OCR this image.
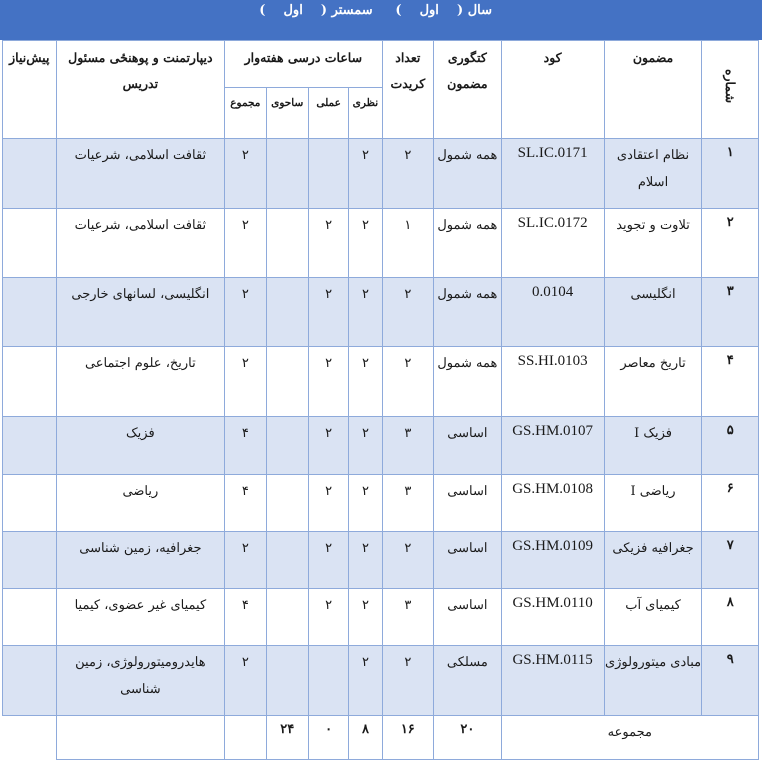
سال (    اول    )     سمستر (    اول    )
شماره	مضمون	کود	کتگوری مضمون	تعداد کریدت	ساعات درسی هفته‌وار				دیپارتمنت و پوهنځی مسئول تدریس	پیش‌نیاز
					نظری	عملی	ساحوی	مجموع		
۱	نظام اعتقادی اسلام	SL.IC.0171	همه شمول	۲	۲			۲	ثقافت اسلامی، شرعیات	
۲	تلاوت و تجوید	SL.IC.0172	همه شمول	۱	۲	۲		۲	ثقافت اسلامی، شرعیات	
۳	انگلیسی	0.0104	همه شمول	۲	۲	۲		۲	انگلیسی، لسانهای خارجی	
۴	تاریخ معاصر	SS.HI.0103	همه شمول	۲	۲	۲		۲	تاریخ، علوم اجتماعی	
۵	فزیک I	GS.HM.0107	اساسی	۳	۲	۲		۴	فزیک	
۶	ریاضی I	GS.HM.0108	اساسی	۳	۲	۲		۴	ریاضی	
۷	جغرافیه فزیکی	GS.HM.0109	اساسی	۲	۲	۲		۲	جغرافیه، زمین شناسی	
۸	کیمیای آب	GS.HM.0110	اساسی	۳	۲	۲		۴	کیمیای غیر عضوی، کیمیا	
۹	مبادی میتورولوژی	GS.HM.0115	مسلکی	۲	۲			۲	هایدرومیتورولوژی، زمین شناسی	
مجموعه			۲۰	۱۶	۸	۰	۲۴			
